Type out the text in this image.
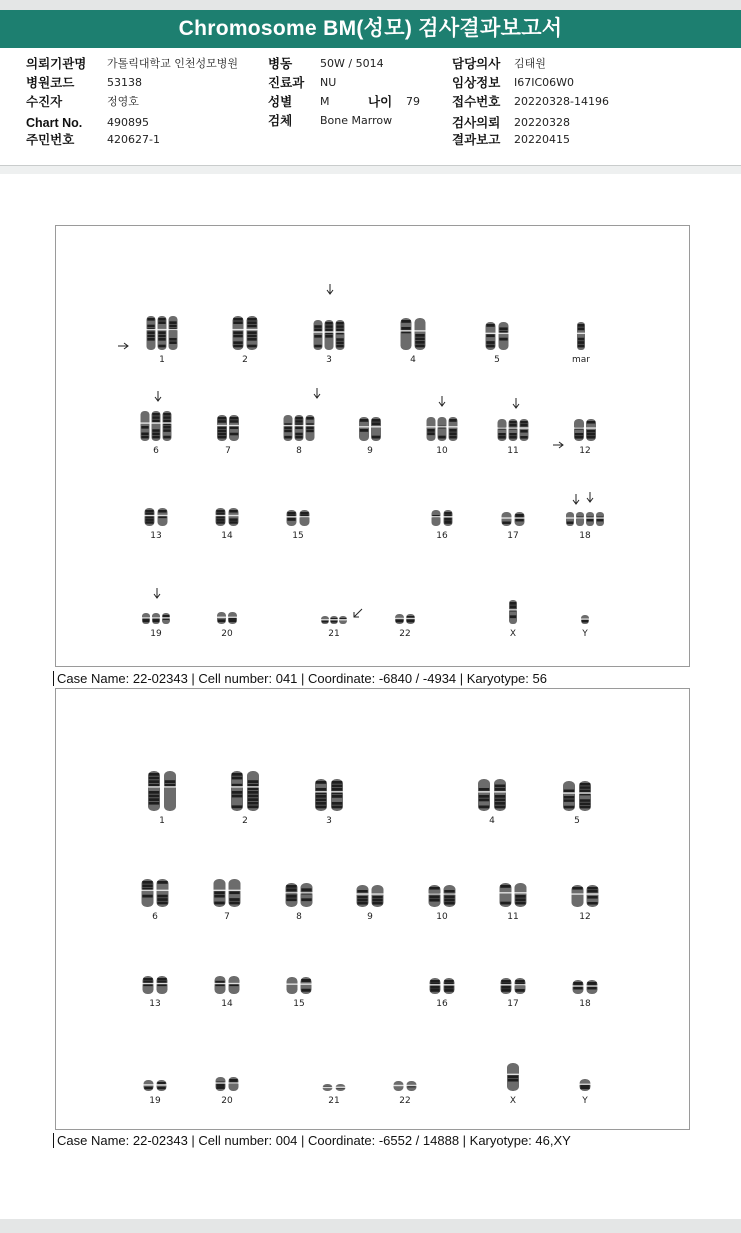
Chromosome BM(성모) 검사결과보고서
의뢰기관명 가톨릭대학교 인천성모병원
병원코드	53138
수진자	정영호
Chart No. 490895
주민번호	420627-1
병동	50W / 5014
진료과 NU
성별	M	나이 79
검체	Bone Marrow
담당의사 김태원
임상정보 I67IC06W0
접수번호 20220328-14196
검사의뢰 20220328
결과보고 20220415
1	2	3	4	5	mar
6	7	8	9	10	11	12
13	14	15	16	17	18
19	20	21	22	X	Y
Case Name: 22-02343 | Cell number: 041 | Coordinate: -6840 / -4934 | Karyotype: 56
1	2	3	4	5
6	7	8	9	10	11	12
13	14	15	16	17	18
19	20	21	22	X	Y
Case Name: 22-02343 | Cell number: 004 | Coordinate: -6552 / 14888 | Karyotype: 46,XY
